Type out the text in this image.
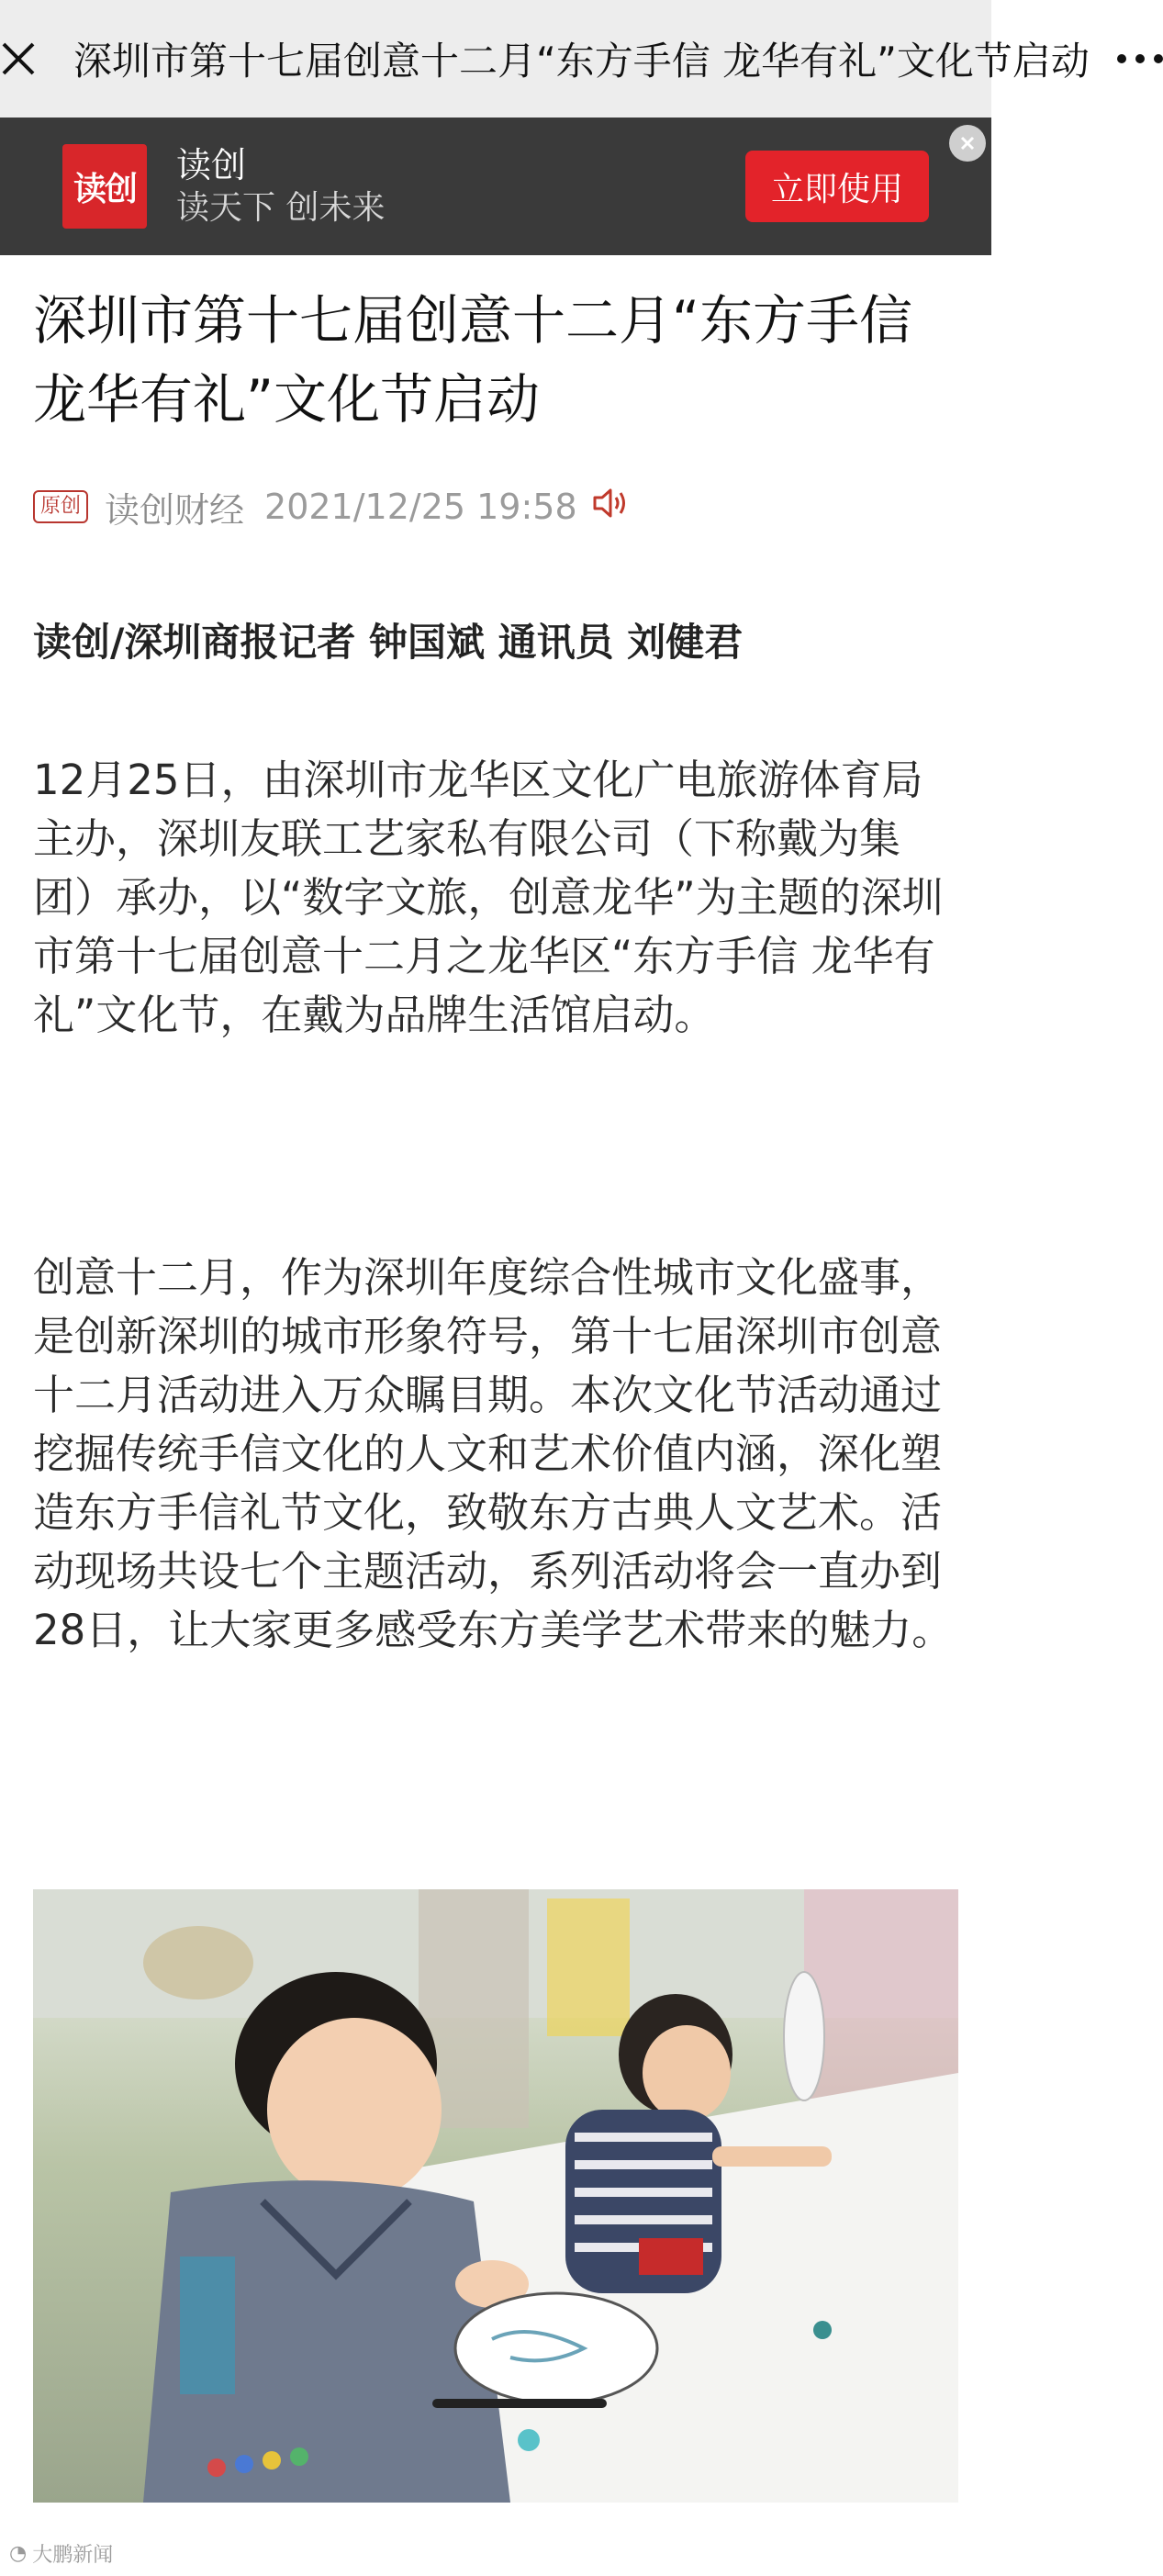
深圳市第十七届创意十二月“东方手信 龙华有礼”文化节启动
读创
读创
读天下 创未来	立即使用
深圳市第十七届创意十二月“东方手信 龙华有礼”文化节启动
原创 读创财经 2021/12/25 19:58
读创/深圳商报记者 钟国斌 通讯员 刘健君

12月25日，由深圳市龙华区文化广电旅游体育局主办，深圳友联工艺家私有限公司（下称戴为集团）承办，以“数字文旅，创意龙华”为主题的深圳市第十七届创意十二月之龙华区“东方手信 龙华有礼”文化节，在戴为品牌生活馆启动。

创意十二月，作为深圳年度综合性城市文化盛事，是创新深圳的城市形象符号，第十七届深圳市创意十二月活动进入万众瞩目期。本次文化节活动通过挖掘传统手信文化的人文和艺术价值内涵，深化塑造东方手信礼节文化，致敬东方古典人文艺术。活动现场共设七个主题活动，系列活动将会一直办到28日，让大家更多感受东方美学艺术带来的魅力。

◔ 大鹏新闻
